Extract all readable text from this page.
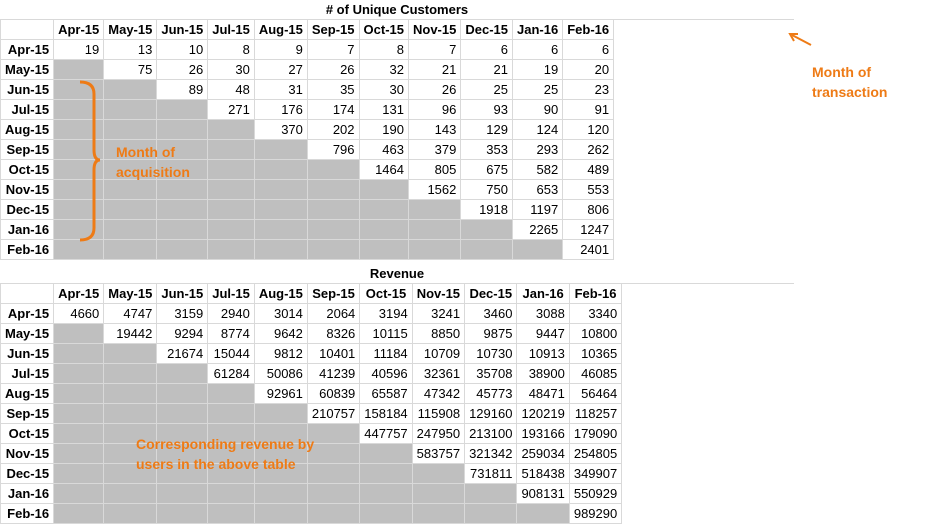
# of Unique Customers
	Apr-15	May-15	Jun-15	Jul-15	Aug-15	Sep-15	Oct-15	Nov-15	Dec-15	Jan-16	Feb-16
Apr-15	19	13	10	8	9	7	8	7	6	6	6
May-15		75	26	30	27	26	32	21	21	19	20
Jun-15			89	48	31	35	30	26	25	25	23
Jul-15				271	176	174	131	96	93	90	91
Aug-15					370	202	190	143	129	124	120
Sep-15						796	463	379	353	293	262
Oct-15							1464	805	675	582	489
Nov-15								1562	750	653	553
Dec-15									1918	1197	806
Jan-16										2265	1247
Feb-16											2401
Revenue
	Apr-15	May-15	Jun-15	Jul-15	Aug-15	Sep-15	Oct-15	Nov-15	Dec-15	Jan-16	Feb-16
Apr-15	4660	4747	3159	2940	3014	2064	3194	3241	3460	3088	3340
May-15		19442	9294	8774	9642	8326	10115	8850	9875	9447	10800
Jun-15			21674	15044	9812	10401	11184	10709	10730	10913	10365
Jul-15				61284	50086	41239	40596	32361	35708	38900	46085
Aug-15					92961	60839	65587	47342	45773	48471	56464
Sep-15						210757	158184	115908	129160	120219	118257
Oct-15							447757	247950	213100	193166	179090
Nov-15								583757	321342	259034	254805
Dec-15									731811	518438	349907
Jan-16										908131	550929
Feb-16											989290
Month of transaction
Month of acquisition
Corresponding revenue by users in the above table
